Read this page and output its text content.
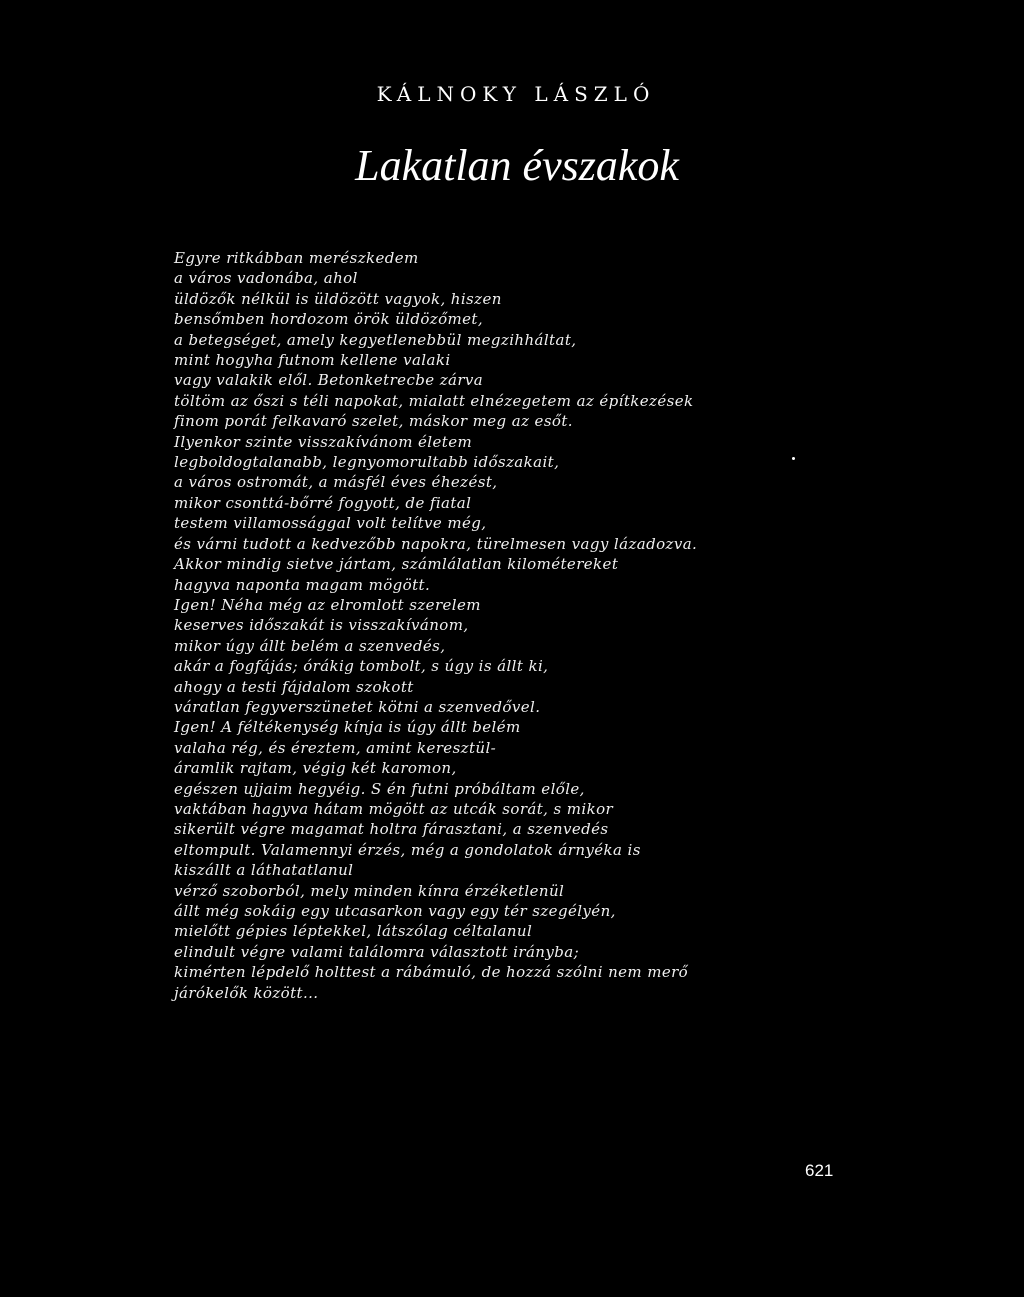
KÁLNOKY LÁSZLÓ
Lakatlan évszakok
Egyre ritkábban merészkedem
a város vadonába, ahol
üldözők nélkül is üldözött vagyok, hiszen
bensőmben hordozom örök üldözőmet,
a betegséget, amely kegyetlenebbül megzihháltat,
mint hogyha futnom kellene valaki
vagy valakik elől. Betonketrecbe zárva
töltöm az őszi s téli napokat, mialatt elnézegetem az építkezések
finom porát felkavaró szelet, máskor meg az esőt.
Ilyenkor szinte visszakívánom életem
legboldogtalanabb, legnyomorultabb időszakait,
a város ostromát, a másfél éves éhezést,
mikor csonttá-bőrré fogyott, de fiatal
testem villamossággal volt telítve még,
és várni tudott a kedvezőbb napokra, türelmesen vagy lázadozva.
Akkor mindig sietve jártam, számlálatlan kilométereket
hagyva naponta magam mögött.
Igen! Néha még az elromlott szerelem
keserves időszakát is visszakívánom,
mikor úgy állt belém a szenvedés,
akár a fogfájás; órákig tombolt, s úgy is állt ki,
ahogy a testi fájdalom szokott
váratlan fegyverszünetet kötni a szenvedővel.
Igen! A féltékenység kínja is úgy állt belém
valaha rég, és éreztem, amint keresztül-
áramlik rajtam, végig két karomon,
egészen ujjaim hegyéig. S én futni próbáltam előle,
vaktában hagyva hátam mögött az utcák sorát, s mikor
sikerült végre magamat holtra fárasztani, a szenvedés
eltompult. Valamennyi érzés, még a gondolatok árnyéka is
kiszállt a láthatatlanul
vérző szoborból, mely minden kínra érzéketlenül
állt még sokáig egy utcasarkon vagy egy tér szegélyén,
mielőtt gépies léptekkel, látszólag céltalanul
elindult végre valami találomra választott irányba;
kimérten lépdelő holttest a rábámuló, de hozzá szólni nem merő
járókelők között...
621
